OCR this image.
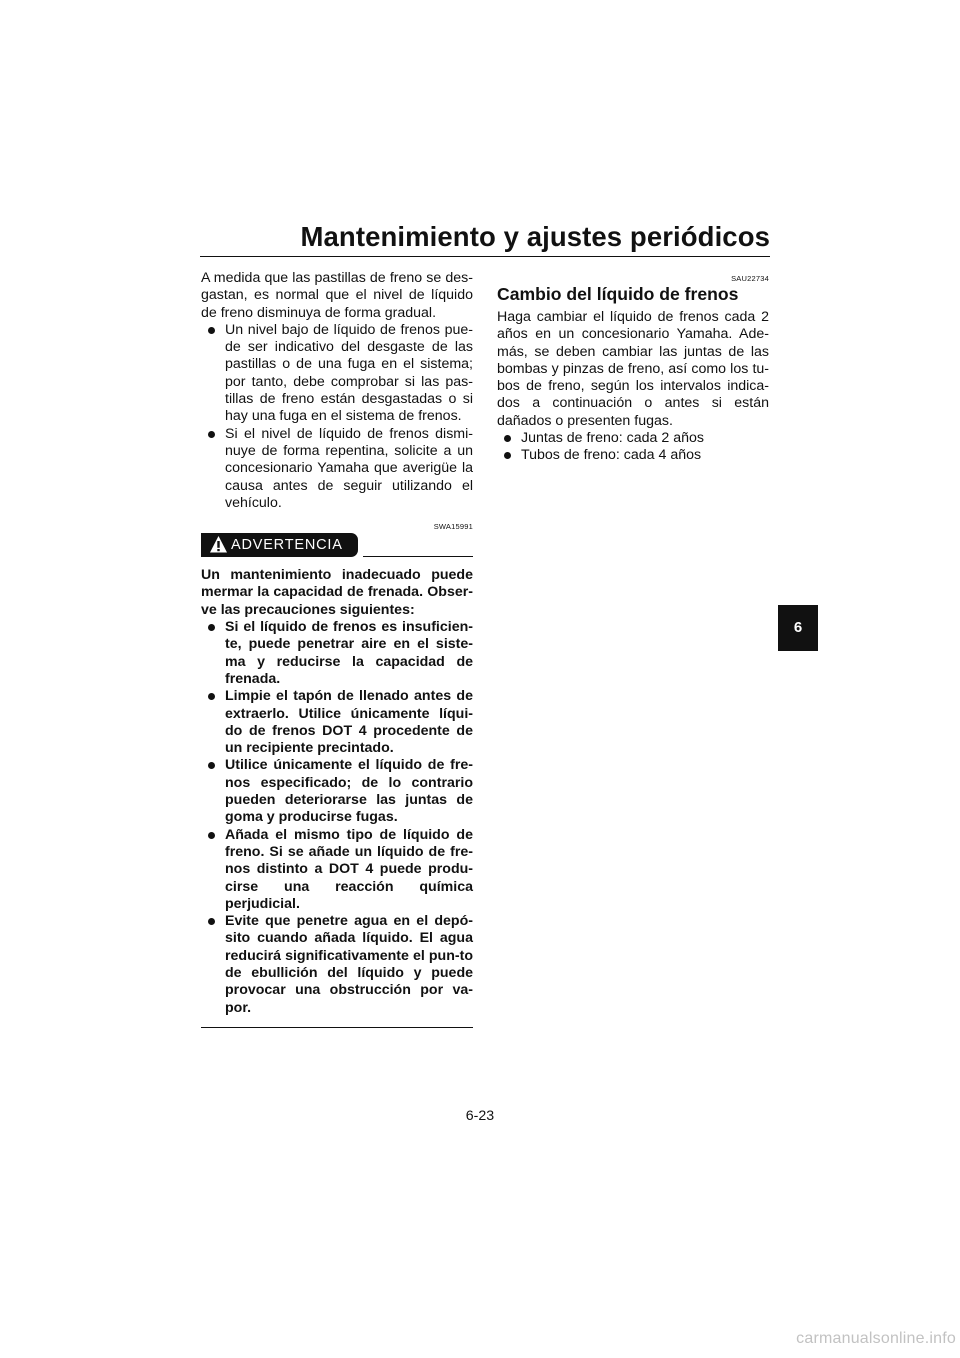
Mantenimiento y ajustes periódicos

A medida que las pastillas de freno se des-gastan, es normal que el nivel de líquido de freno disminuya de forma gradual.

Un nivel bajo de líquido de frenos pue-de ser indicativo del desgaste de las pastillas o de una fuga en el sistema; por tanto, debe comprobar si las pas-tillas de freno están desgastadas o si hay una fuga en el sistema de frenos.
Si el nivel de líquido de frenos dismi-nuye de forma repentina, solicite a un concesionario Yamaha que averigüe la causa antes de seguir utilizando el vehículo.
SWA15991
ADVERTENCIA

Un mantenimiento inadecuado puede mermar la capacidad de frenada. Obser-ve las precauciones siguientes:

Si el líquido de frenos es insuficien-te, puede penetrar aire en el siste-ma y reducirse la capacidad de frenada.
Limpie el tapón de llenado antes de extraerlo. Utilice únicamente líqui-do de frenos DOT 4 procedente de un recipiente precintado.
Utilice únicamente el líquido de fre-nos especificado; de lo contrario pueden deteriorarse las juntas de goma y producirse fugas.
Añada el mismo tipo de líquido de freno. Si se añade un líquido de fre-nos distinto a DOT 4 puede produ-cirse una reacción química perjudicial.
Evite que penetre agua en el depó-sito cuando añada líquido. El agua reducirá significativamente el pun-to de ebullición del líquido y puede provocar una obstrucción por va-por.
SAU22734
Cambio del líquido de frenos

Haga cambiar el líquido de frenos cada 2 años en un concesionario Yamaha. Ade-más, se deben cambiar las juntas de las bombas y pinzas de freno, así como los tu-bos de freno, según los intervalos indica-dos a continuación o antes si están dañados o presenten fugas.

Juntas de freno: cada 2 años
Tubos de freno: cada 4 años
6
6-23
carmanualsonline.info
